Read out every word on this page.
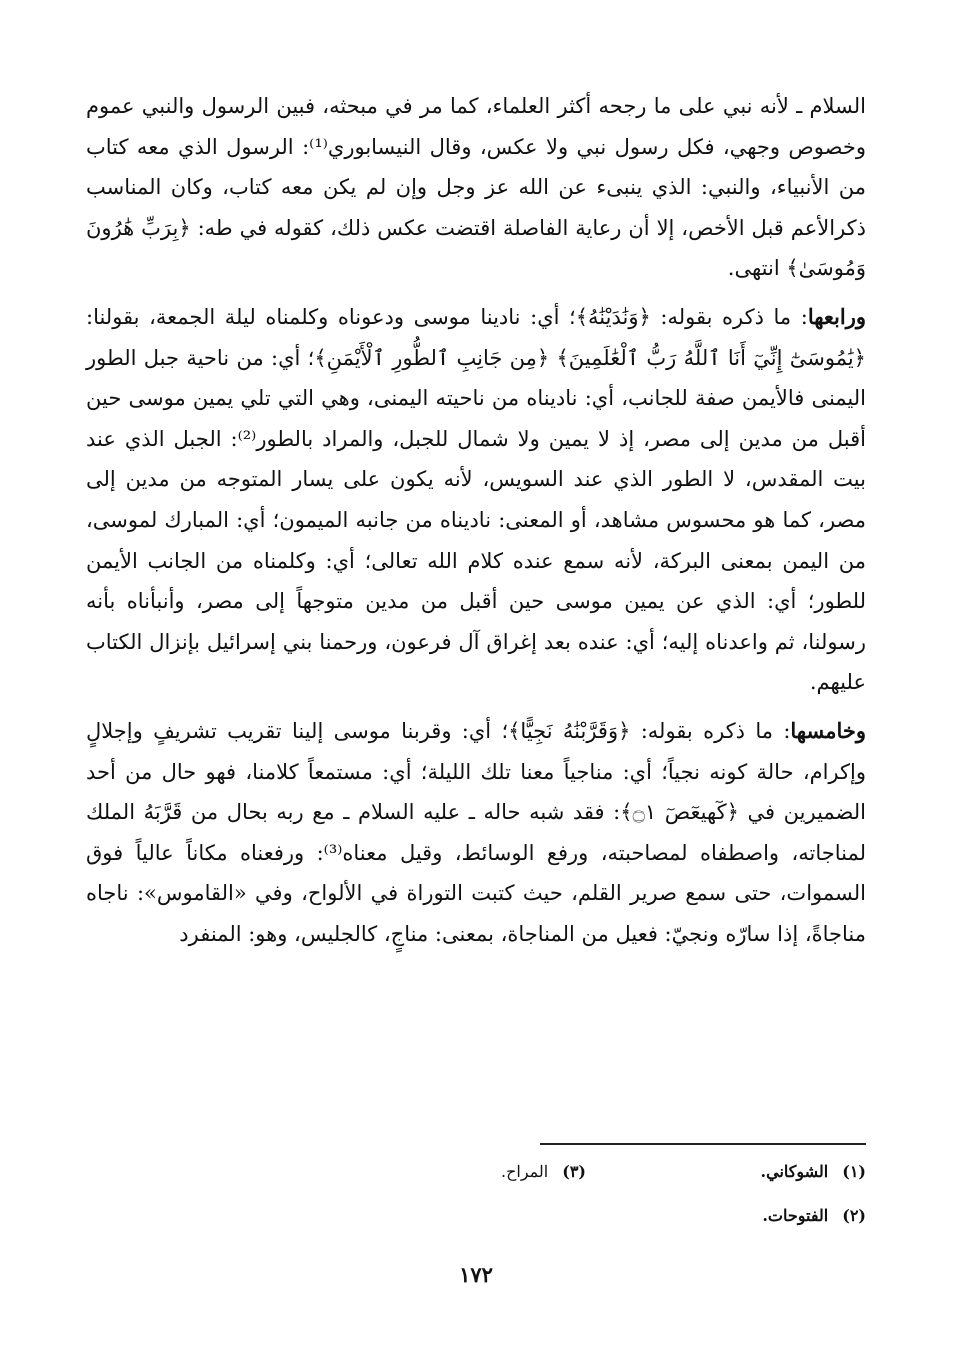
السلام ـ لأنه نبي على ما رجحه أكثر العلماء، كما مر في مبحثه، فبين الرسول والنبي عموم وخصوص وجهي، فكل رسول نبي ولا عكس، وقال النيسابوري⁽¹⁾: الرسول الذي معه كتاب من الأنبياء، والنبي: الذي ينبىء عن الله عز وجل وإن لم يكن معه كتاب، وكان المناسب ذكرالأعم قبل الأخص، إلا أن رعاية الفاصلة اقتضت عكس ذلك، كقوله في طه: ﴿بِرَبِّ هَٰرُونَ وَمُوسَىٰ﴾ انتهى.

ورابعها: ما ذكره بقوله: ﴿وَنَٰدَيْنَٰهُ﴾؛ أي: نادينا موسى ودعوناه وكلمناه ليلة الجمعة، بقولنا: ﴿يَٰمُوسَىٰٓ إِنِّيٓ أَنَا ٱللَّهُ رَبُّ ٱلْعَٰلَمِينَ﴾ ﴿مِن جَانِبِ ٱلطُّورِ ٱلْأَيْمَنِ﴾؛ أي: من ناحية جبل الطور اليمنى فالأيمن صفة للجانب، أي: ناديناه من ناحيته اليمنى، وهي التي تلي يمين موسى حين أقبل من مدين إلى مصر، إذ لا يمين ولا شمال للجبل، والمراد بالطور⁽²⁾: الجبل الذي عند بيت المقدس، لا الطور الذي عند السويس، لأنه يكون على يسار المتوجه من مدين إلى مصر، كما هو محسوس مشاهد، أو المعنى: ناديناه من جانبه الميمون؛ أي: المبارك لموسى، من اليمن بمعنى البركة، لأنه سمع عنده كلام الله تعالى؛ أي: وكلمناه من الجانب الأيمن للطور؛ أي: الذي عن يمين موسى حين أقبل من مدين متوجهاً إلى مصر، وأنبأناه بأنه رسولنا، ثم واعدناه إليه؛ أي: عنده بعد إغراق آل فرعون، ورحمنا بني إسرائيل بإنزال الكتاب عليهم.

وخامسها: ما ذكره بقوله: ﴿وَقَرَّبْنَٰهُ نَجِيًّا﴾؛ أي: وقربنا موسى إلينا تقريب تشريفٍ وإجلالٍ وإكرام، حالة كونه نجياً؛ أي: مناجياً معنا تلك الليلة؛ أي: مستمعاً كلامنا، فهو حال من أحد الضميرين في ﴿كٓهيعٓصٓ ۝١﴾: فقد شبه حاله ـ عليه السلام ـ مع ربه بحال من قَرَّبَهُ الملك لمناجاته، واصطفاه لمصاحبته، ورفع الوسائط، وقيل معناه⁽³⁾: ورفعناه مكاناً عالياً فوق السموات، حتى سمع صرير القلم، حيث كتبت التوراة في الألواح، وفي «القاموس»: ناجاه مناجاةً، إذا سارّه ونجيّ: فعيل من المناجاة، بمعنى: مناجٍ، كالجليس، وهو: المنفرد

(١)الشوكاني.
(٣)المراح.
(٢)الفتوحات.
١٧٢
